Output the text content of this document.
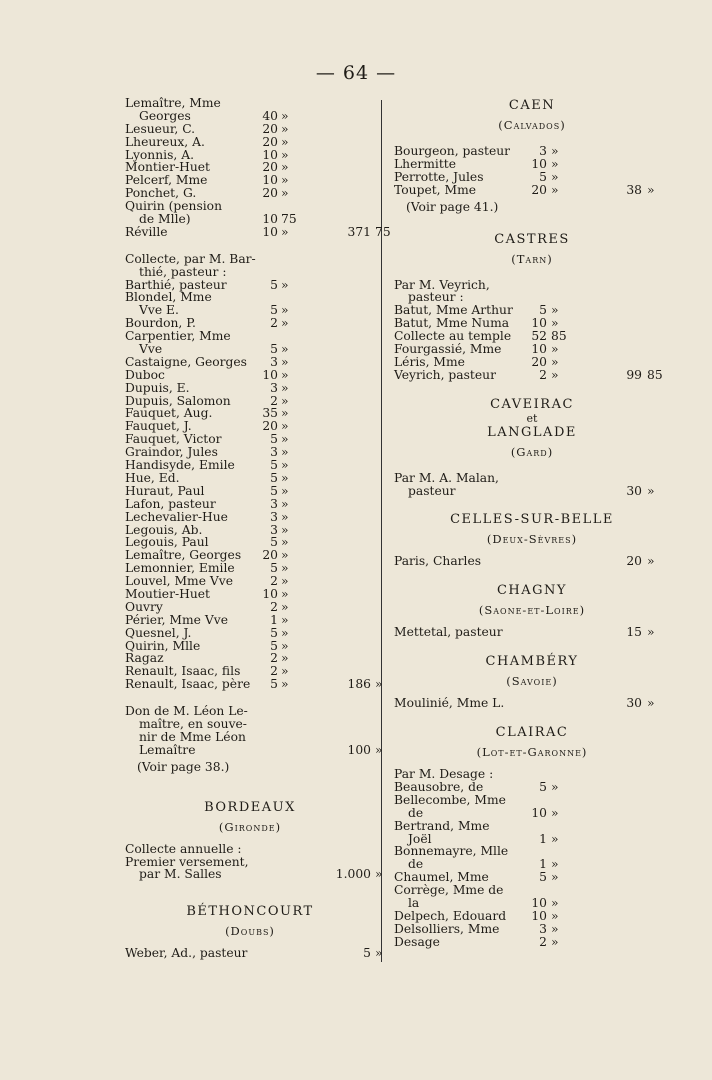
— 64 —
Lemaître, Mme
Georges	40 »
Lesueur, C.	20 »
Lheureux, A.	20 »
Lyonnis, A.	10 »
Montier-Huet	20 »
Pelcerf, Mme	10 »
Ponchet, G.	20 »
Quirin (pension
de Mlle)	10 75
Réville	10 »	371 75
Collecte, par M. Bar-
thié, pasteur :
Barthié, pasteur	5 »
Blondel, Mme
Vve E.	5 »
Bourdon, P.	2 »
Carpentier, Mme
Vve	5 »
Castaigne, Georges	3 »
Duboc	10 »
Dupuis, E.	3 »
Dupuis, Salomon	2 »
Fauquet, Aug.	35 »
Fauquet, J.	20 »
Fauquet, Victor	5 »
Graindor, Jules	3 »
Handisyde, Emile	5 »
Hue, Ed.	5 »
Huraut, Paul	5 »
Lafon, pasteur	3 »
Lechevalier-Hue	3 »
Legouis, Ab.	3 »
Legouis, Paul	5 »
Lemaître, Georges	20 »
Lemonnier, Emile	5 »
Louvel, Mme Vve	2 »
Moutier-Huet	10 »
Ouvry	2 »
Périer, Mme Vve	1 »
Quesnel, J.	5 »
Quirin, Mlle	5 »
Ragaz	2 »
Renault, Isaac, fils	2 »
Renault, Isaac, père	5 »	186 »
Don de M. Léon Le-
maître, en souve-
nir de Mme Léon
Lemaître	100 »
(Voir page 38.)
BORDEAUX
(Gironde)
Collecte annuelle :
Premier versement,
par M. Salles	1.000 »
BÉTHONCOURT
(Doubs)
Weber, Ad., pasteur	5 »
CAEN
(Calvados)
Bourgeon, pasteur	3 »
Lhermitte	10 »
Perrotte, Jules	5 »
Toupet, Mme	20 »	38 »
(Voir page 41.)
CASTRES
(Tarn)
Par M. Veyrich,
pasteur :
Batut, Mme Arthur	5 »
Batut, Mme Numa	10 »
Collecte au temple	52 85
Fourgassié, Mme	10 »
Léris, Mme	20 »
Veyrich, pasteur	2 »	99 85
CAVEIRAC
et
LANGLADE
(Gard)
Par M. A. Malan,
pasteur	30 »
CELLES-SUR-BELLE
(Deux-Sèvres)
Paris, Charles	20 »
CHAGNY
(Saone-et-Loire)
Mettetal, pasteur	15 »
CHAMBÉRY
(Savoie)
Moulinié, Mme L.	30 »
CLAIRAC
(Lot-et-Garonne)
Par M. Desage :
Beausobre, de	5 »
Bellecombe, Mme
de	10 »
Bertrand, Mme
Joël	1 »
Bonnemayre, Mlle
de	1 »
Chaumel, Mme	5 »
Corrège, Mme de
la	10 »
Delpech, Edouard	10 »
Delsolliers, Mme	3 »
Desage	2 »
